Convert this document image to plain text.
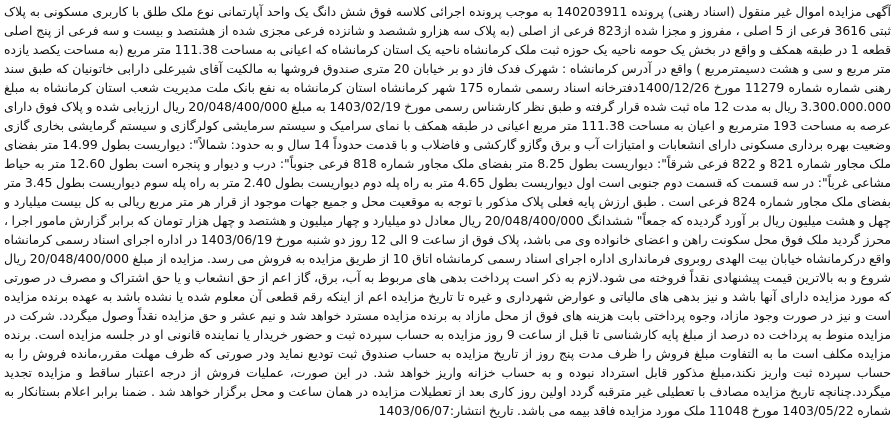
آگهی مزایده اموال غیر منقول (اسناد رهنی) پرونده 140203911 به موجب پرونده اجرائی کلاسه فوق شش دانگ یک واحد آپارتمانی نوع ملک طلق با کاربری مسکونی به پلاک ثبتی 3616 فرعی از 5 اصلی ، مفروز و مجزا شده از823 فرعی از اصلی (به پلاک سه هزارو ششصد و شانزده فرعی مجزی شده از هشتصد و بیست و سه فرعی از پنج اصلی قطعه 1 در طبقه همکف و واقع در بخش یک حومه ناحیه یک حوزه ثبت ملک کرمانشاه ناحیه یک استان کرمانشاه که اعیانی به مساحت 111.38 متر مربع (به مساحت یکصد یازده متر مربع و سی و هشت دسیمترمربع ) واقع در آدرس کرمانشاه : شهرک فدک فاز دو بر خیابان 20 متری صندوق فروشها به مالکیت آقای شیرعلی دارابی خاتونیان که طبق سند رهنی شماره شماره 11279 مورخ 1400/12/26دفترخانه اسناد رسمی شماره 175 شهر کرمانشاه استان کرمانشاه به نفع بانک ملت مدیریت شعب استان کرمانشاه به مبلغ 3.300.000.000 ریال به مدت 12 ماه ثبت شده قرار گرفته و طبق نظر کارشناس رسمی مورخ 1403/02/19 به مبلغ 20/048/400/000 ریال ارزیابی شده و پلاک فوق دارای عرصه به مساحت 193 مترمربع و اعیان به مساحت 111.38 متر مربع اعیانی در طبقه همکف با نمای سرامیک و سیستم سرمایشی کولرگازی و سیستم گرمایشی بخاری گازی وضعیت بهره برداری مسکونی دارای انشعابات و امتیازات آب و برق وگازو گارکشی و فاضلاب و با قدمت حدوداً 14 سال و به حدود: شمالاً": دیواریست بطول 14.99 متر بفضای ملک مجاور شماره 821 و 822 فرعی شرقاً": دیواریست بطول 8.25 متر بفضای ملک مجاور شماره 818 فرعی جنوباً": درب و دیوار و پنجره است بطول 12.60 متر به حیاط مشاعی غرباً": در سه قسمت که قسمت دوم جنوبی است اول دیواریست بطول 4.65 متر به راه پله دوم دیواریست بطول 2.40 متر به راه پله سوم دیواریست بطول 3.45 متر بفضای ملک مجاور شماره 824 فرعی است . طبق ارزش پایه فعلی پلاک مذکور با توجه به موقعیت محل و جمیع جهات موجود از قرار هر متر مربع ریالی به کل بیست میلیارد و چهل و هشت میلیون ریال بر آورد گردیده که جمعاً" ششدانگ 20/048/400/000 ریال معادل دو میلیارد و چهار میلیون و هشتصد و چهل هزار تومان که برابر گزارش مامور اجرا ، محرز گردید ملک فوق محل سکونت راهن و اعضای خانواده وی می باشد، پلاک فوق از ساعت 9 الی 12 روز دو شنبه مورخ 1403/06/19 در اداره اجرای اسناد رسمی کرمانشاه واقع درکرمانشاه خیابان بیت الهدی روبروی فرمانداری اداره اجرای اسناد رسمی کرمانشاه اتاق 10 از طریق مزایده به فروش می رسد. مزایده از مبلغ 20/048/400/000 ریال شروع و به بالاترین قیمت پیشنهادی نقداً فروخته می شود.لازم به ذکر است پرداخت بدهی های مربوط به آب، برق، گاز اعم از حق انشعاب و یا حق اشتراک و مصرف در صورتی که مورد مزایده دارای آنها باشد و نیز بدهی های مالیاتی و عوارض شهرداری و غیره تا تاریخ مزایده اعم از اینکه رقم قطعی آن معلوم شده یا نشده باشد به عهده برنده مزایده است و نیز در صورت وجود مازاد، وجوه پرداختی بابت هزینه های فوق از محل مازاد به برنده مزایده مسترد خواهد شد و نیم عشر و حق مزایده نقداً وصول میگردد. شرکت در مزایده منوط به پرداخت ده درصد از مبلغ پایه کارشناسی تا قبل از ساعت 9 روز مزایده به حساب سپرده ثبت و حضور خریدار یا نماینده قانونی او در جلسه مزایده است. برنده مزایده مکلف است ما به التفاوت مبلغ فروش را ظرف مدت پنج روز از تاریخ مزایده به حساب صندوق ثبت تودیع نماید ودر صورتی که ظرف مهلت مقرر،مانده فروش را به حساب سپرده ثبت واریز نکند،مبلغ مذکور قابل استرداد نبوده و به حساب خزانه واریز خواهد شد. در این صورت، عملیات فروش از درجه اعتبار ساقط و مزایده تجدید میگردد.چنانچه تاریخ مزایده مصادف با تعطیلی غیر مترقبه گردد اولین روز کاری بعد از تعطیلات مزایده در همان ساعت و محل برگزار خواهد شد . ضمنا برابر اعلام بستانکار به شماره 1403/05/22 مورخ 11048 ملک مورد مزایده فاقد بیمه می باشد. تاریخ انتشار:1403/06/07
